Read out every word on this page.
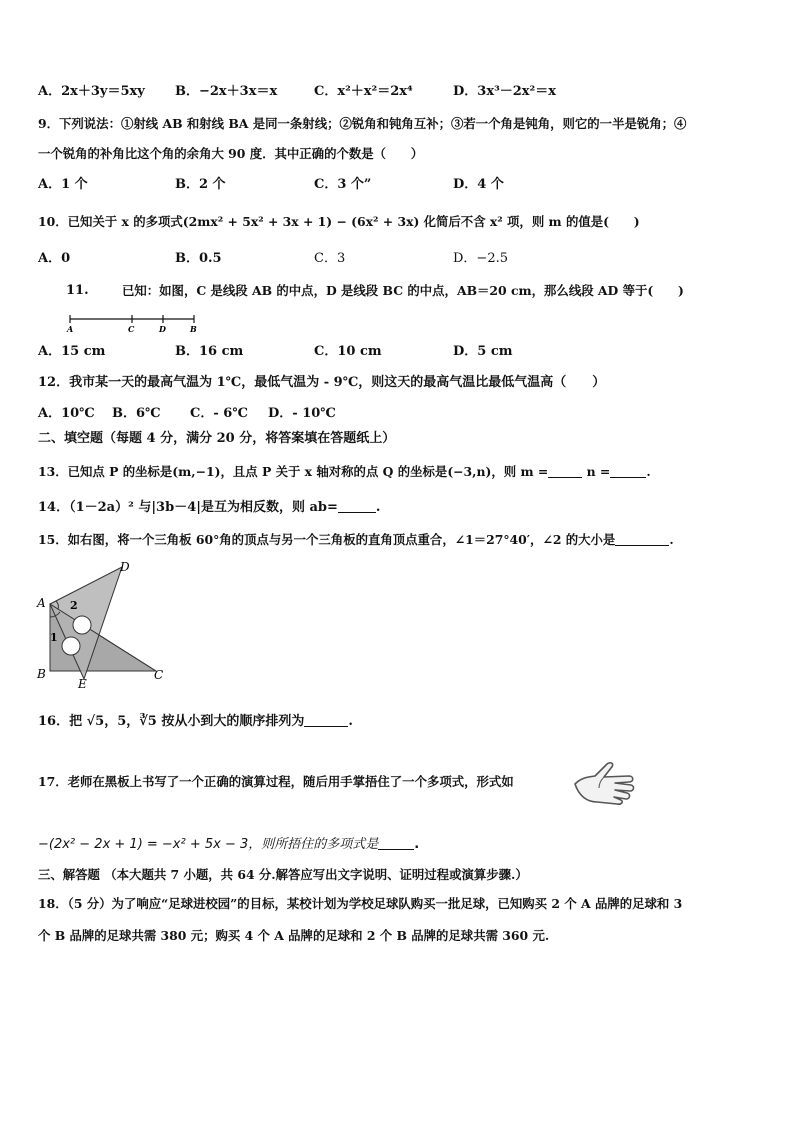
A．2x＋3y＝5xy B．−2x＋3x＝x	C．x²＋x²＝2x⁴	D．3x³－2x²＝x
9．下列说法：①射线 AB 和射线 BA 是同一条射线；②锐角和钝角互补；③若一个角是钝角，则它的一半是锐角；④
一个锐角的补角比这个角的余角大 90 度．其中正确的个数是（　　）
A．1 个	B．2 个	C．3 个”	D．4 个
10．已知关于 x 的多项式(2mx² + 5x² + 3x + 1) − (6x² + 3x) 化简后不含 x² 项，则 m 的值是(　　)
A．0	B．0.5	C．3	D．−2.5
11.	已知：如图，C 是线段 AB 的中点，D 是线段 BC 的中点，AB＝20 cm，那么线段 AD 等于(　　)
A	C	D	B
A．15 cm	B．16 cm	C．10 cm	D．5 cm
12．我市某一天的最高气温为 1℃，最低气温为 - 9℃，则这天的最高气温比最低气温高（　　）
A．10℃ B．6℃ C．- 6℃ D．- 10℃
二、填空题（每题 4 分，满分 20 分，将答案填在答题纸上）
13．已知点 P 的坐标是(m,−1)，且点 P 关于 x 轴对称的点 Q 的坐标是(−3,n)，则 m =	n =	.
14．（1－2a）² 与|3b－4|是互为相反数，则 ab=	.
15．如右图，将一个三角板 60°角的顶点与另一个三角板的直角顶点重合，∠1＝27°40′，∠2 的大小是	.
A
B	C
D
E
1
2
16．把 √5，5，∛5 按从小到大的顺序排列为	.
17．老师在黑板上书写了一个正确的演算过程，随后用手掌捂住了一个多项式，形式如
−(2x² − 2x + 1) = −x² + 5x − 3，则所捂住的多项式是	.
三、解答题 （本大题共 7 小题，共 64 分.解答应写出文字说明、证明过程或演算步骤.）
18．（5 分）为了响应“足球进校园”的目标，某校计划为学校足球队购买一批足球，已知购买 2 个 A 品牌的足球和 3
个 B 品牌的足球共需 380 元；购买 4 个 A 品牌的足球和 2 个 B 品牌的足球共需 360 元.
